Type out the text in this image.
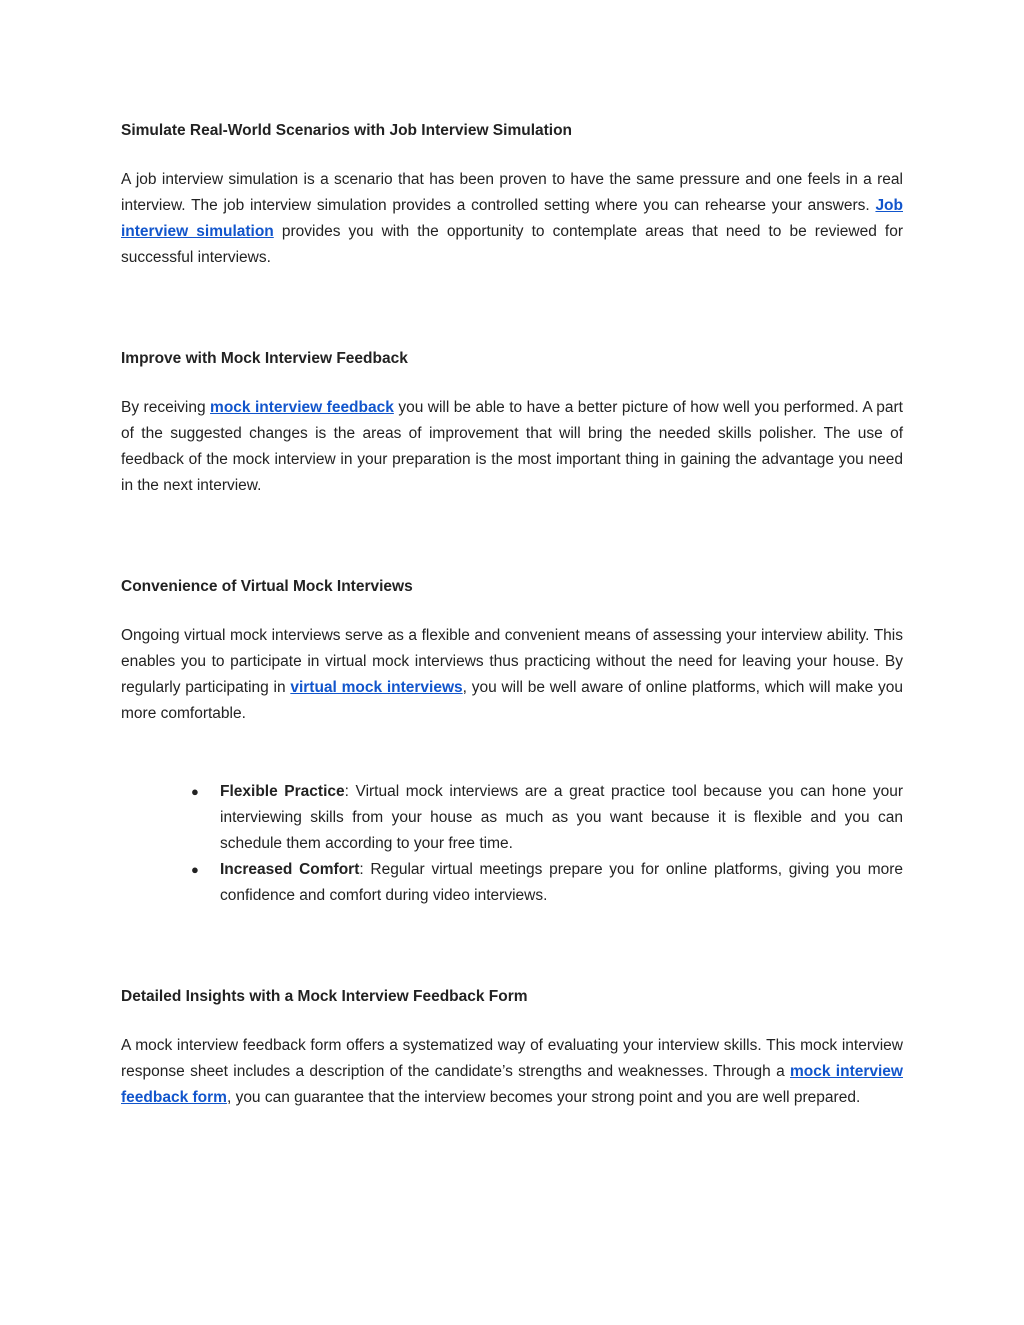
Simulate Real-World Scenarios with Job Interview Simulation

A job interview simulation is a scenario that has been proven to have the same pressure and one feels in a real interview. The job interview simulation provides a controlled setting where you can rehearse your answers. Job interview simulation provides you with the opportunity to contemplate areas that need to be reviewed for successful interviews.

Improve with Mock Interview Feedback

By receiving mock interview feedback you will be able to have a better picture of how well you performed. A part of the suggested changes is the areas of improvement that will bring the needed skills polisher. The use of feedback of the mock interview in your preparation is the most important thing in gaining the advantage you need in the next interview.

Convenience of Virtual Mock Interviews

Ongoing virtual mock interviews serve as a flexible and convenient means of assessing your interview ability. This enables you to participate in virtual mock interviews thus practicing without the need for leaving your house. By regularly participating in virtual mock interviews, you will be well aware of online platforms, which will make you more comfortable.

● Flexible Practice: Virtual mock interviews are a great practice tool because you can hone your interviewing skills from your house as much as you want because it is flexible and you can schedule them according to your free time.
● Increased Comfort: Regular virtual meetings prepare you for online platforms, giving you more confidence and comfort during video interviews.
Detailed Insights with a Mock Interview Feedback Form

A mock interview feedback form offers a systematized way of evaluating your interview skills. This mock interview response sheet includes a description of the candidate’s strengths and weaknesses. Through a mock interview feedback form, you can guarantee that the interview becomes your strong point and you are well prepared.
